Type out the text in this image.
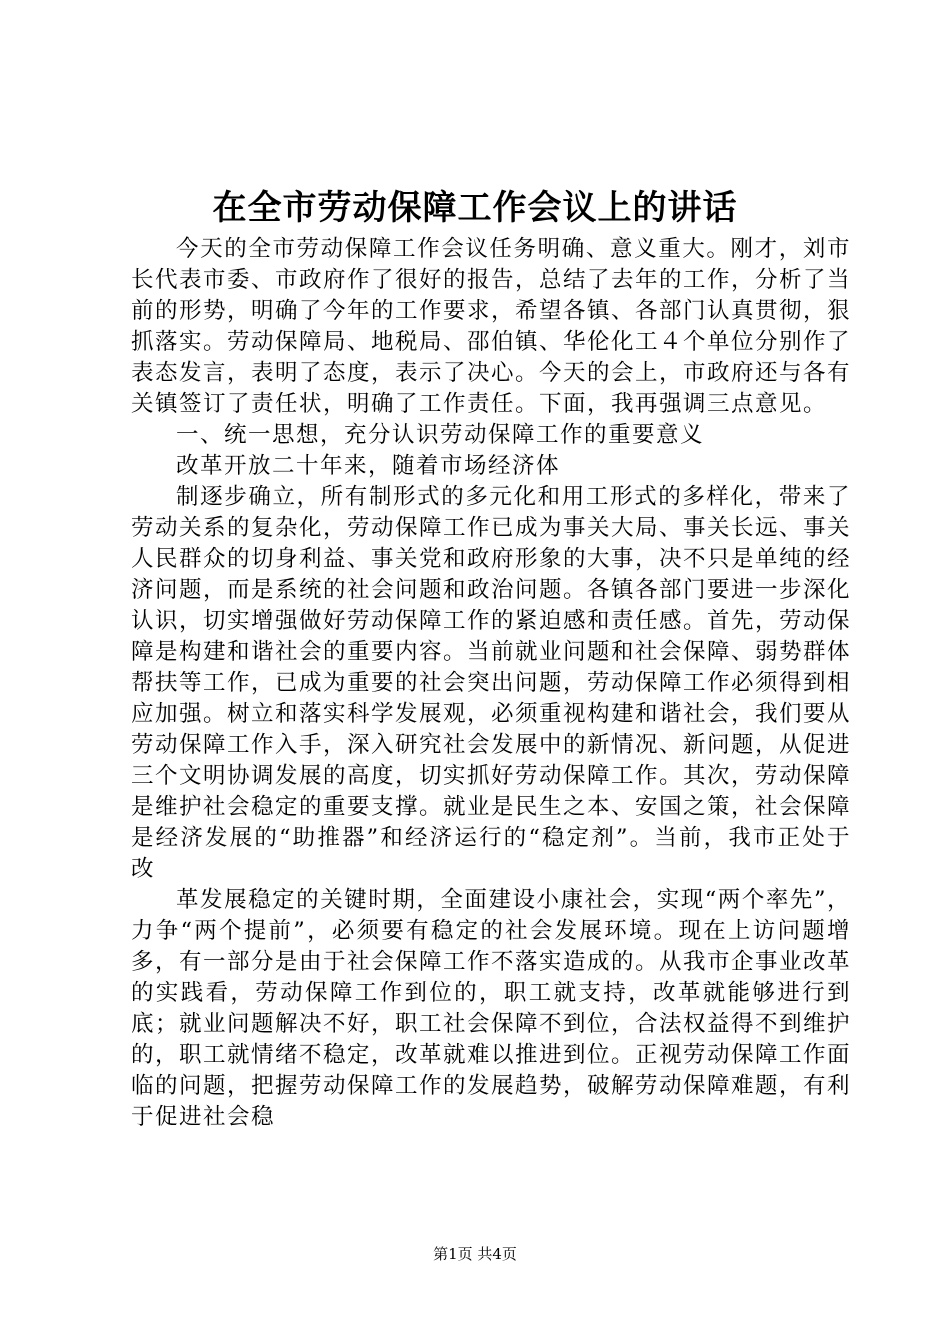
在全市劳动保障工作会议上的讲话

今天的全市劳动保障工作会议任务明确、意义重大。刚才，刘市长代表市委、市政府作了很好的报告，总结了去年的工作，分析了当前的形势，明确了今年的工作要求，希望各镇、各部门认真贯彻，狠抓落实。劳动保障局、地税局、邵伯镇、华伦化工４个单位分别作了表态发言，表明了态度，表示了决心。今天的会上，市政府还与各有关镇签订了责任状，明确了工作责任。下面，我再强调三点意见。

一、统一思想，充分认识劳动保障工作的重要意义

改革开放二十年来，随着市场经济体

制逐步确立，所有制形式的多元化和用工形式的多样化，带来了劳动关系的复杂化，劳动保障工作已成为事关大局、事关长远、事关人民群众的切身利益、事关党和政府形象的大事，决不只是单纯的经济问题，而是系统的社会问题和政治问题。各镇各部门要进一步深化认识，切实增强做好劳动保障工作的紧迫感和责任感。首先，劳动保障是构建和谐社会的重要内容。当前就业问题和社会保障、弱势群体帮扶等工作，已成为重要的社会突出问题，劳动保障工作必须得到相应加强。树立和落实科学发展观，必须重视构建和谐社会，我们要从劳动保障工作入手，深入研究社会发展中的新情况、新问题，从促进三个文明协调发展的高度，切实抓好劳动保障工作。其次，劳动保障是维护社会稳定的重要支撑。就业是民生之本、安国之策，社会保障是经济发展的“助推器”和经济运行的“稳定剂”。当前，我市正处于改

革发展稳定的关键时期，全面建设小康社会，实现“两个率先”，力争“两个提前”，必须要有稳定的社会发展环境。现在上访问题增多，有一部分是由于社会保障工作不落实造成的。从我市企事业改革的实践看，劳动保障工作到位的，职工就支持，改革就能够进行到底；就业问题解决不好，职工社会保障不到位，合法权益得不到维护的，职工就情绪不稳定，改革就难以推进到位。正视劳动保障工作面临的问题，把握劳动保障工作的发展趋势，破解劳动保障难题，有利于促进社会稳

第1页 共4页
